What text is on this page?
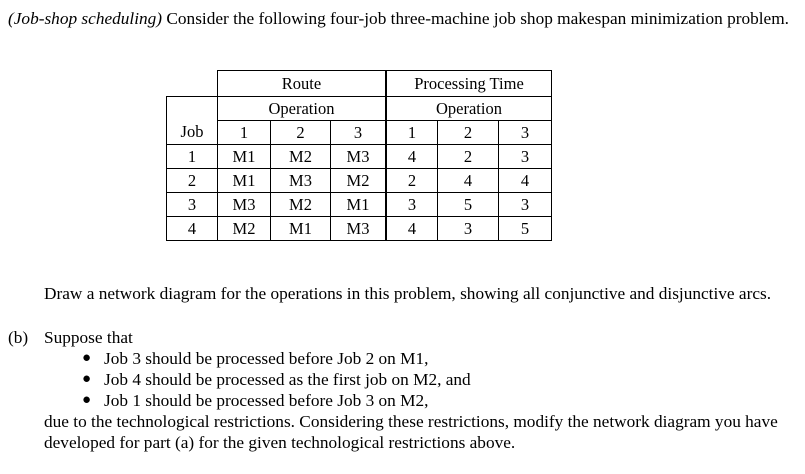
(Job-shop scheduling) Consider the following four-job three-machine job shop makespan minimization problem.

	Route			Processing Time		
	Operation			Operation		
Job	1	2	3	1	2	3
1	M1	M2	M3	4	2	3
2	M1	M3	M2	2	4	4
3	M3	M2	M1	3	5	3
4	M2	M1	M3	4	3	5
Draw a network diagram for the operations in this problem, showing all conjunctive and disjunctive arcs.
(b) Suppose that
● Job 3 should be processed before Job 2 on M1,
● Job 4 should be processed as the first job on M2, and
● Job 1 should be processed before Job 3 on M2,
due to the technological restrictions. Considering these restrictions, modify the network diagram you have developed for part (a) for the given technological restrictions above.
